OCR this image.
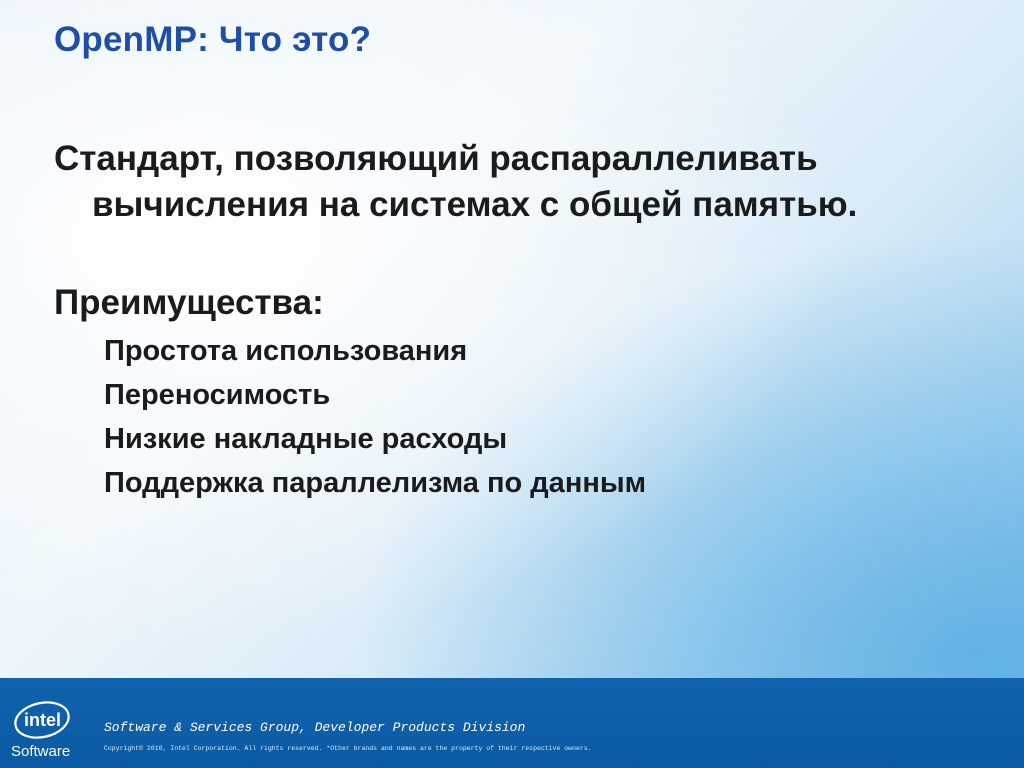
OpenMP: Что это?
Стандарт, позволяющий распараллеливать
вычисления на системах с общей памятью.
Преимущества:
Простота использования
Переносимость
Низкие накладные расходы
Поддержка параллелизма по данным
intel
Software
Software & Services Group, Developer Products Division
Copyright© 2010, Intel Corporation. All rights reserved. *Other brands and names are the property of their respective owners.
